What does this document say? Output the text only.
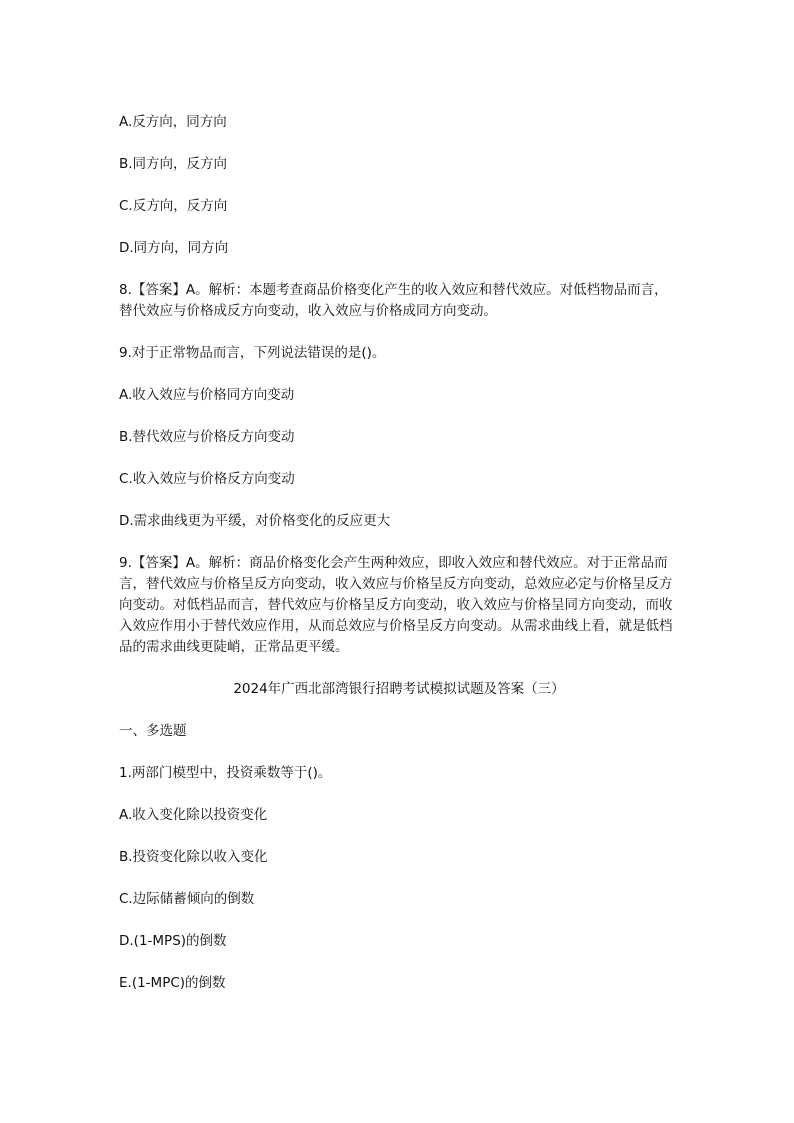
A.反方向，同方向

B.同方向，反方向

C.反方向，反方向

D.同方向，同方向

8.【答案】A。解析：本题考查商品价格变化产生的收入效应和替代效应。对低档物品而言，替代效应与价格成反方向变动，收入效应与价格成同方向变动。

9.对于正常物品而言，下列说法错误的是()。

A.收入效应与价格同方向变动

B.替代效应与价格反方向变动

C.收入效应与价格反方向变动

D.需求曲线更为平缓，对价格变化的反应更大

9.【答案】A。解析：商品价格变化会产生两种效应，即收入效应和替代效应。对于正常品而言，替代效应与价格呈反方向变动，收入效应与价格呈反方向变动，总效应必定与价格呈反方向变动。对低档品而言，替代效应与价格呈反方向变动，收入效应与价格呈同方向变动，而收入效应作用小于替代效应作用，从而总效应与价格呈反方向变动。从需求曲线上看，就是低档品的需求曲线更陡峭，正常品更平缓。

2024年广西北部湾银行招聘考试模拟试题及答案（三）

一、多选题

1.两部门模型中，投资乘数等于()。

A.收入变化除以投资变化

B.投资变化除以收入变化

C.边际储蓄倾向的倒数

D.(1-MPS)的倒数

E.(1-MPC)的倒数
